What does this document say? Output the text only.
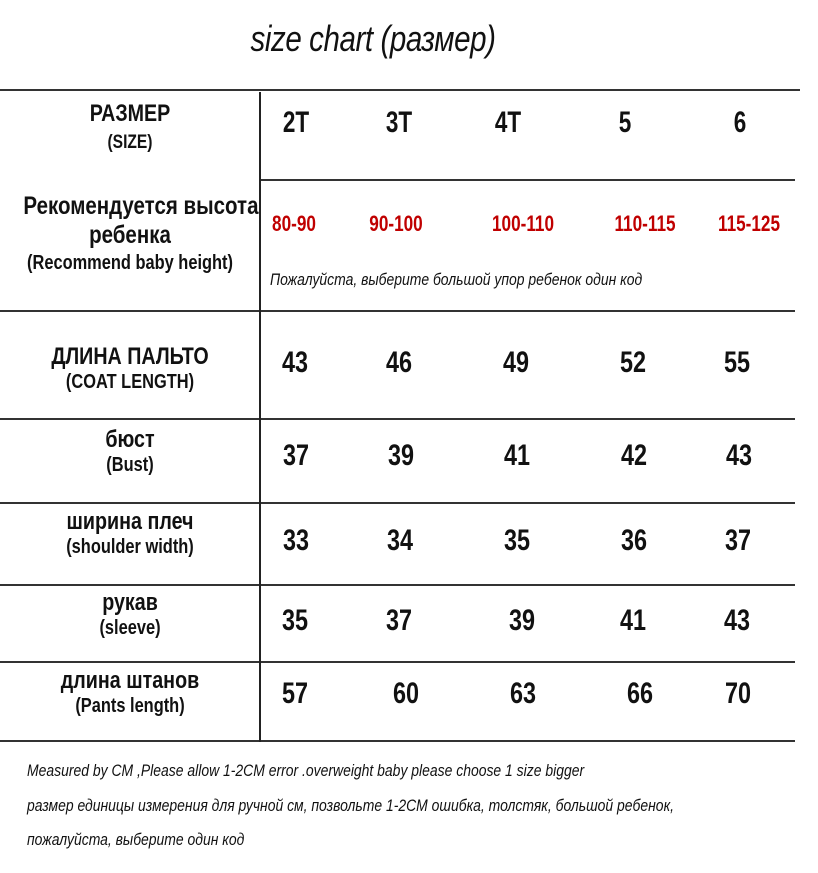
size chart (размер)
РАЗМЕР
(SIZE)
2T	3T	4T	5	6
Рекомендуется высота
ребенка
(Recommend baby height)
80-90	90-100	100-110	110-115 115-125
Пожалуйста, выберите большой упор ребенок один код
ДЛИНА ПАЛЬТО
(COAT LENGTH)
43	46	49	52	55
бюст
(Bust)	37	39	41	42	43
ширина плеч
(shoulder width)	33	34	35	36	37
рукав
(sleeve)	35	37	39	41	43
длина штанов
(Pants length)	57	60	63	66	70
Measured by CM ,Please allow 1-2CM error .overweight baby please choose 1 size bigger
размер единицы измерения для ручной см, позвольте 1-2CM ошибка, толстяк, большой ребенок,
пожалуйста, выберите один код
